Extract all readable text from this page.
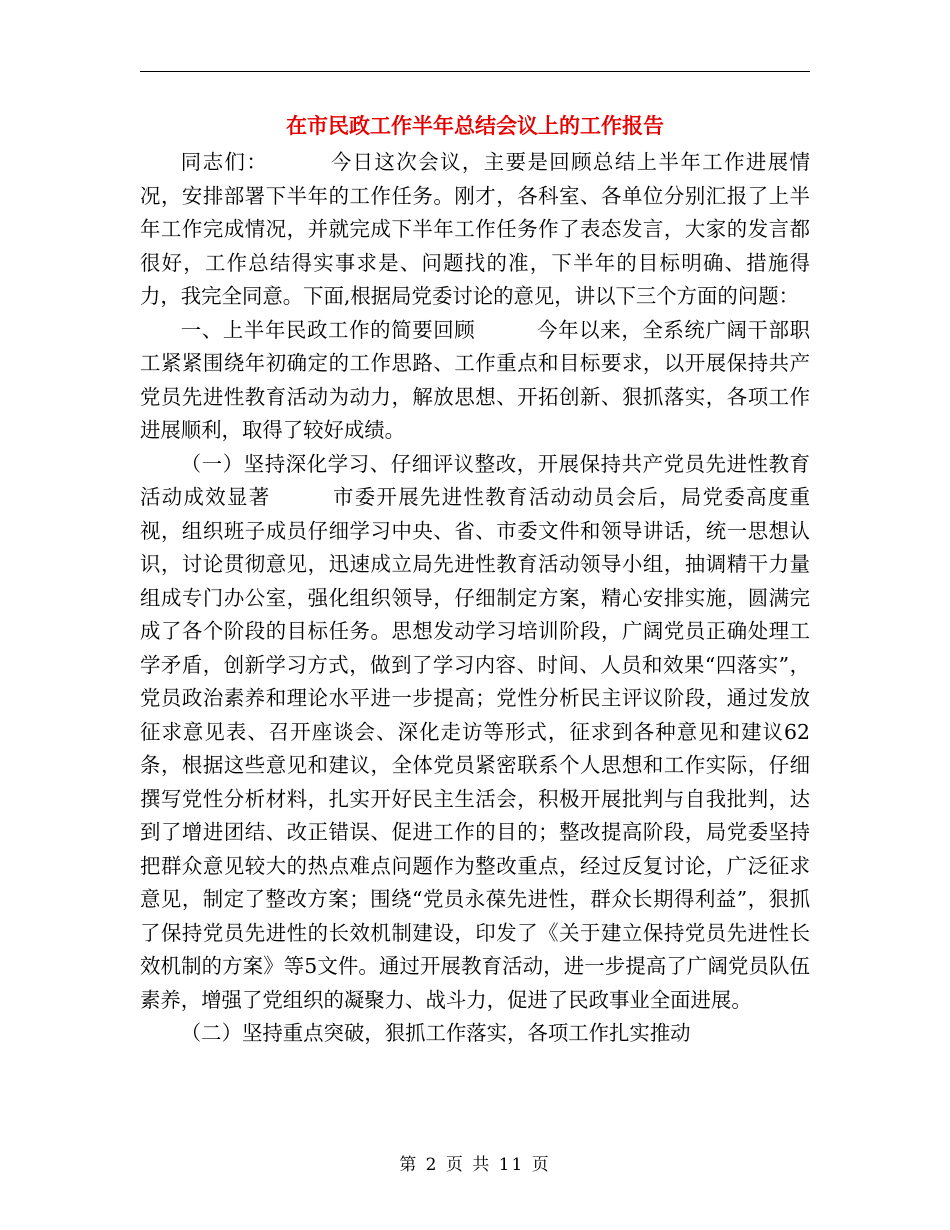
在市民政工作半年总结会议上的工作报告

同志们：	今日这次会议，主要是回顾总结上半年工作进展情况，安排部署下半年的工作任务。刚才，各科室、各单位分别汇报了上半年工作完成情况，并就完成下半年工作任务作了表态发言，大家的发言都很好，工作总结得实事求是、问题找的准，下半年的目标明确、措施得力，我完全同意。下面,根据局党委讨论的意见，讲以下三个方面的问题：

一、上半年民政工作的简要回顾	今年以来，全系统广阔干部职工紧紧围绕年初确定的工作思路、工作重点和目标要求，以开展保持共产党员先进性教育活动为动力，解放思想、开拓创新、狠抓落实，各项工作进展顺利，取得了较好成绩。

（一）坚持深化学习、仔细评议整改，开展保持共产党员先进性教育活动成效显著	市委开展先进性教育活动动员会后，局党委高度重视，组织班子成员仔细学习中央、省、市委文件和领导讲话，统一思想认识，讨论贯彻意见，迅速成立局先进性教育活动领导小组，抽调精干力量组成专门办公室，强化组织领导，仔细制定方案，精心安排实施，圆满完成了各个阶段的目标任务。思想发动学习培训阶段，广阔党员正确处理工学矛盾，创新学习方式，做到了学习内容、时间、人员和效果“四落实”，党员政治素养和理论水平进一步提高；党性分析民主评议阶段，通过发放征求意见表、召开座谈会、深化走访等形式，征求到各种意见和建议62条，根据这些意见和建议，全体党员紧密联系个人思想和工作实际，仔细撰写党性分析材料，扎实开好民主生活会，积极开展批判与自我批判，达到了增进团结、改正错误、促进工作的目的；整改提高阶段，局党委坚持把群众意见较大的热点难点问题作为整改重点，经过反复讨论，广泛征求意见，制定了整改方案；围绕“党员永葆先进性，群众长期得利益”，狠抓了保持党员先进性的长效机制建设，印发了《关于建立保持党员先进性长效机制的方案》等5文件。通过开展教育活动，进一步提高了广阔党员队伍素养，增强了党组织的凝聚力、战斗力，促进了民政事业全面进展。

（二）坚持重点突破，狠抓工作落实，各项工作扎实推动

第 2 页 共 11 页
